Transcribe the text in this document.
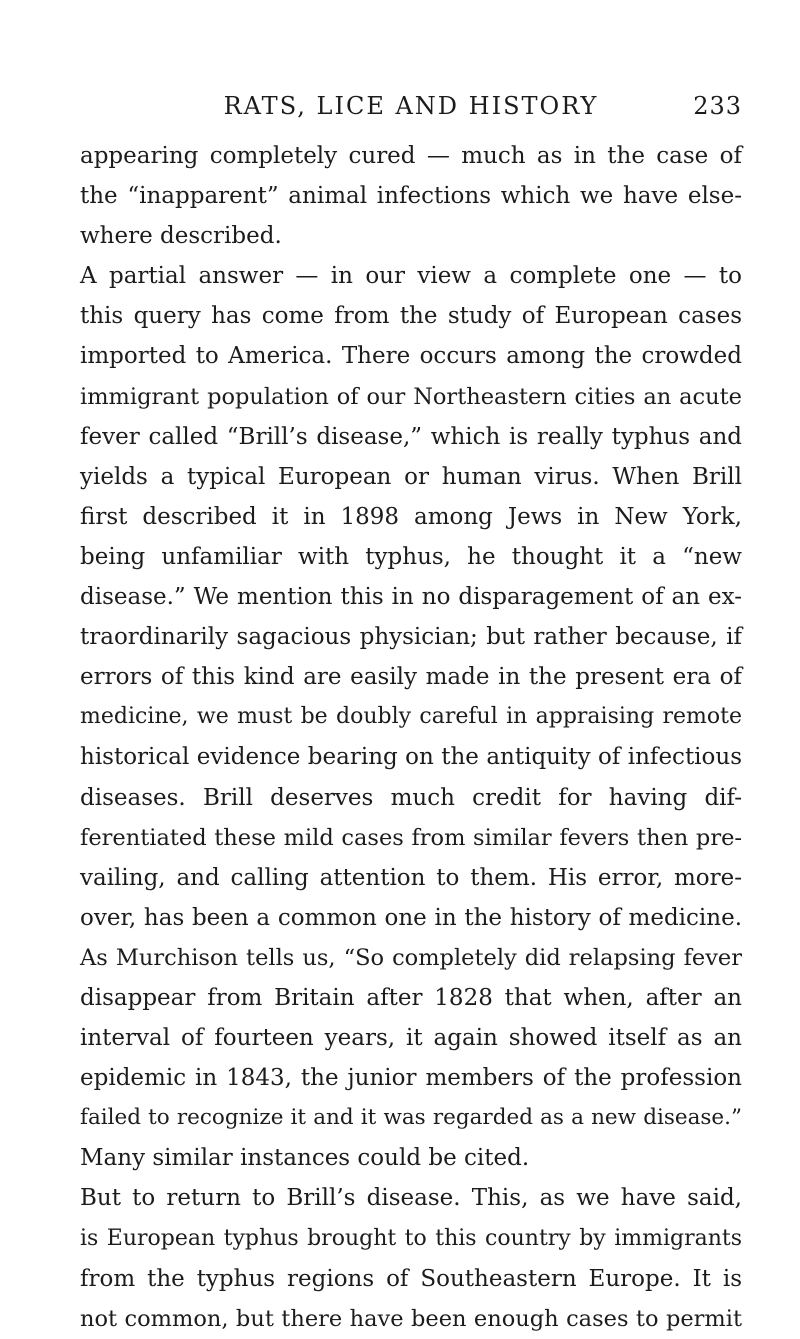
RATS, LICE AND HISTORY	233
appearing completely cured — much as in the case of
the “inapparent” animal infections which we have else-
where described.
A partial answer — in our view a complete one — to
this query has come from the study of European cases
imported to America. There occurs among the crowded
immigrant population of our Northeastern cities an acute
fever called “Brill’s disease,” which is really typhus and
yields a typical European or human virus. When Brill
first described it in 1898 among Jews in New York,
being unfamiliar with typhus, he thought it a “new
disease.” We mention this in no disparagement of an ex-
traordinarily sagacious physician; but rather because, if
errors of this kind are easily made in the present era of
medicine, we must be doubly careful in appraising remote
historical evidence bearing on the antiquity of infectious
diseases. Brill deserves much credit for having dif-
ferentiated these mild cases from similar fevers then pre-
vailing, and calling attention to them. His error, more-
over, has been a common one in the history of medicine.
As Murchison tells us, “So completely did relapsing fever
disappear from Britain after 1828 that when, after an
interval of fourteen years, it again showed itself as an
epidemic in 1843, the junior members of the profession
failed to recognize it and it was regarded as a new disease.”
Many similar instances could be cited.
But to return to Brill’s disease. This, as we have said,
is European typhus brought to this country by immigrants
from the typhus regions of Southeastern Europe. It is
not common, but there have been enough cases to permit
